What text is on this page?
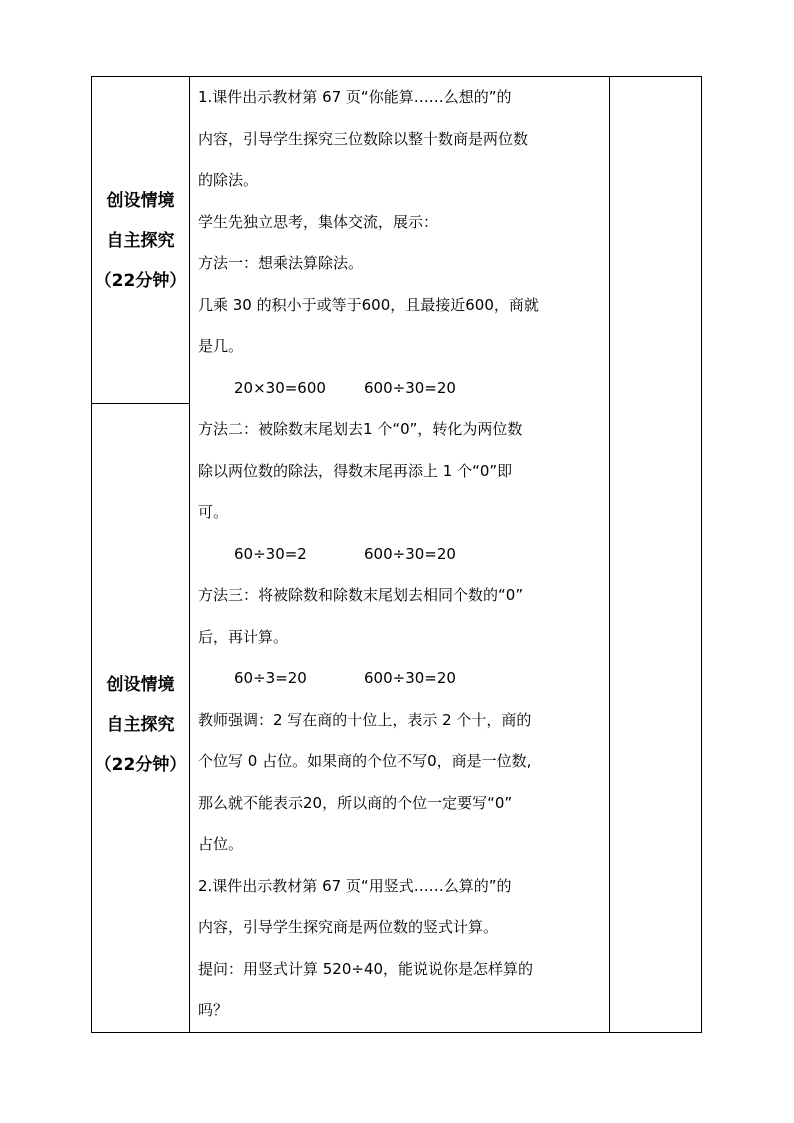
创设情境
自主探究
（22分钟）
创设情境
自主探究
（22分钟）
1.课件出示教材第 67 页“你能算……么想的”的
内容，引导学生探究三位数除以整十数商是两位数
的除法。
学生先独立思考，集体交流，展示：
方法一：想乘法算除法。
几乘 30 的积小于或等于600，且最接近600，商就
是几。
20×30=600	600÷30=20
方法二：被除数末尾划去1 个“0”，转化为两位数
除以两位数的除法，得数末尾再添上 1 个“0”即
可。
60÷30=2	600÷30=20
方法三：将被除数和除数末尾划去相同个数的“0”
后，再计算。
60÷3=20	600÷30=20
教师强调：2 写在商的十位上，表示 2 个十，商的
个位写 0 占位。如果商的个位不写0，商是一位数,
那么就不能表示20，所以商的个位一定要写“0”
占位。
2.课件出示教材第 67 页“用竖式……么算的”的
内容，引导学生探究商是两位数的竖式计算。
提问：用竖式计算 520÷40，能说说你是怎样算的
吗？
